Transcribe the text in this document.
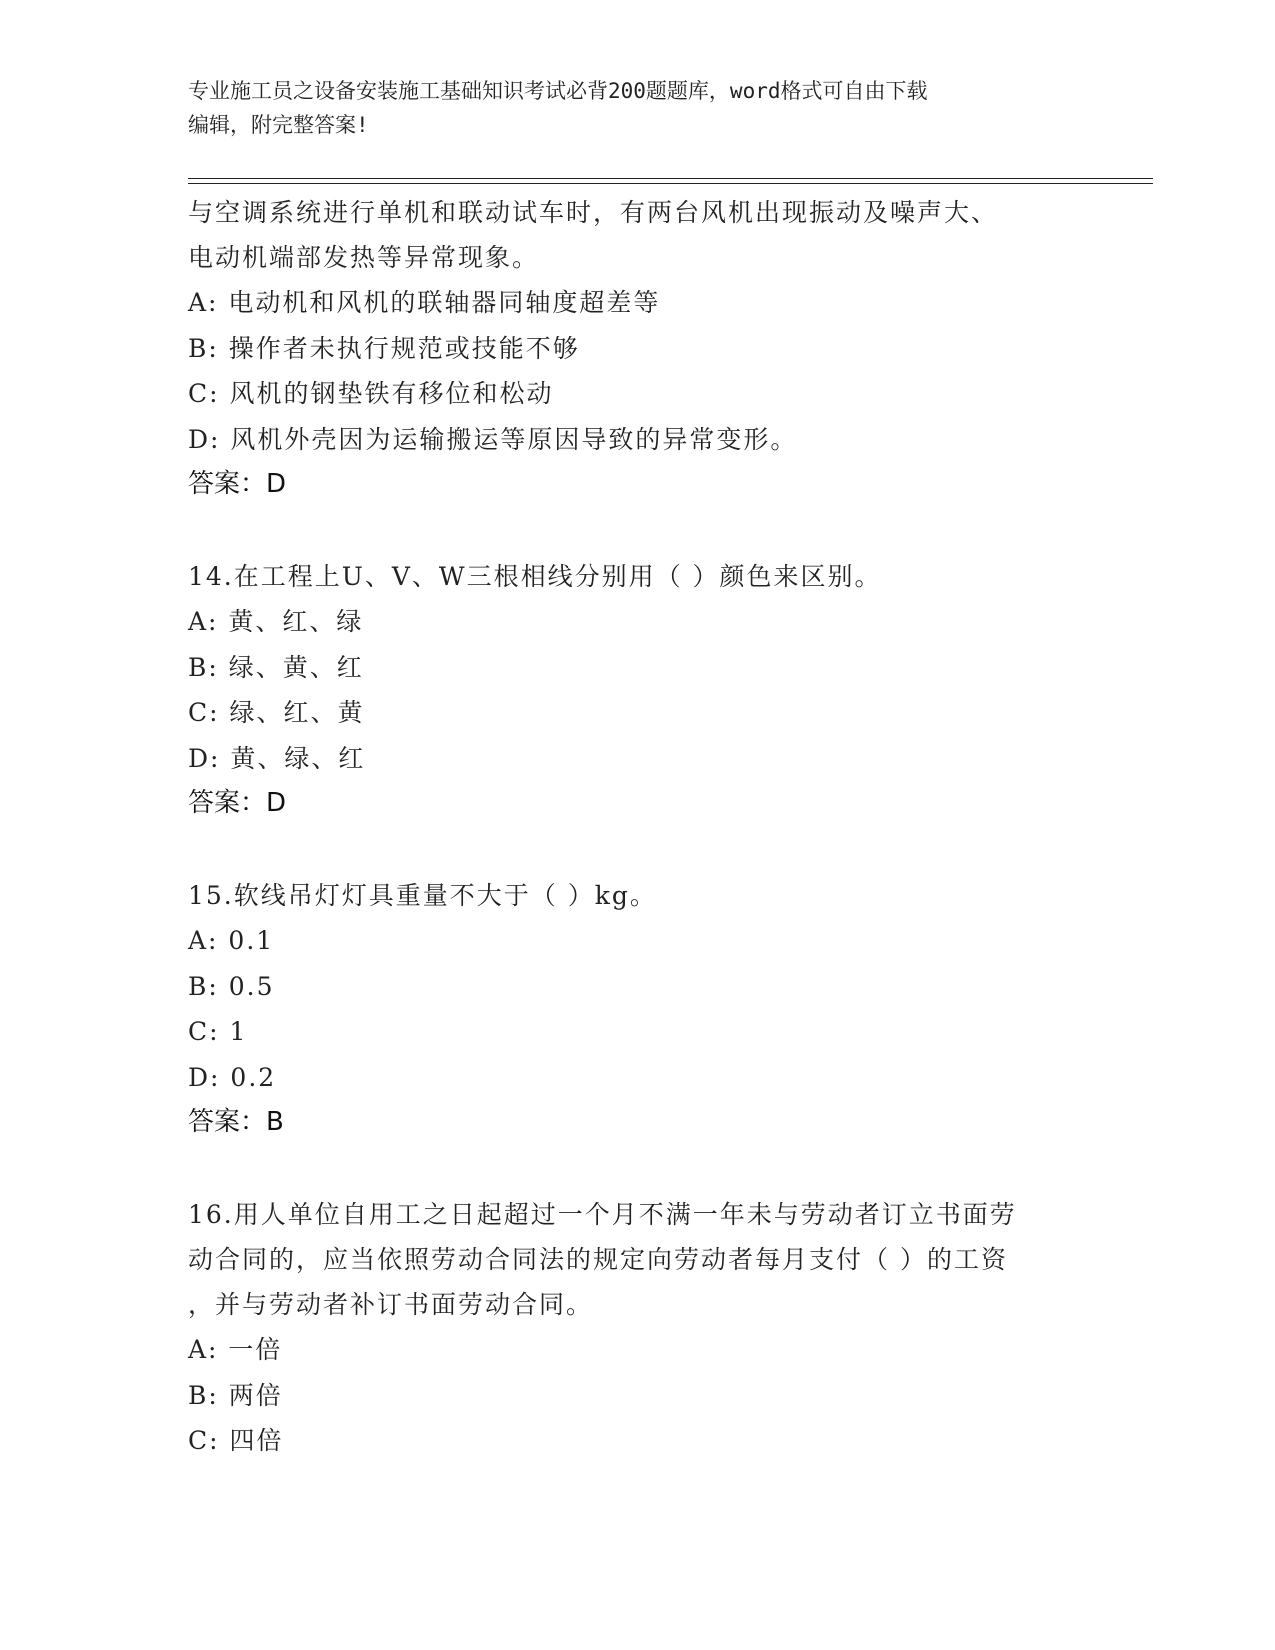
专业施工员之设备安装施工基础知识考试必背200题题库，word格式可自由下载
编辑，附完整答案!

与空调系统进行单机和联动试车时，有两台风机出现振动及噪声大、

电动机端部发热等异常现象。

A: 电动机和风机的联轴器同轴度超差等

B: 操作者未执行规范或技能不够

C: 风机的钢垫铁有移位和松动

D: 风机外壳因为运输搬运等原因导致的异常变形。

答案：D

14.在工程上U、V、W三根相线分别用（ ）颜色来区别。

A: 黄、红、绿

B: 绿、黄、红

C: 绿、红、黄

D: 黄、绿、红

答案：D

15.软线吊灯灯具重量不大于（ ）kg。

A: 0.1

B: 0.5

C: 1

D: 0.2

答案：B

16.用人单位自用工之日起超过一个月不满一年未与劳动者订立书面劳

动合同的，应当依照劳动合同法的规定向劳动者每月支付（ ）的工资

，并与劳动者补订书面劳动合同。

A: 一倍

B: 两倍

C: 四倍
